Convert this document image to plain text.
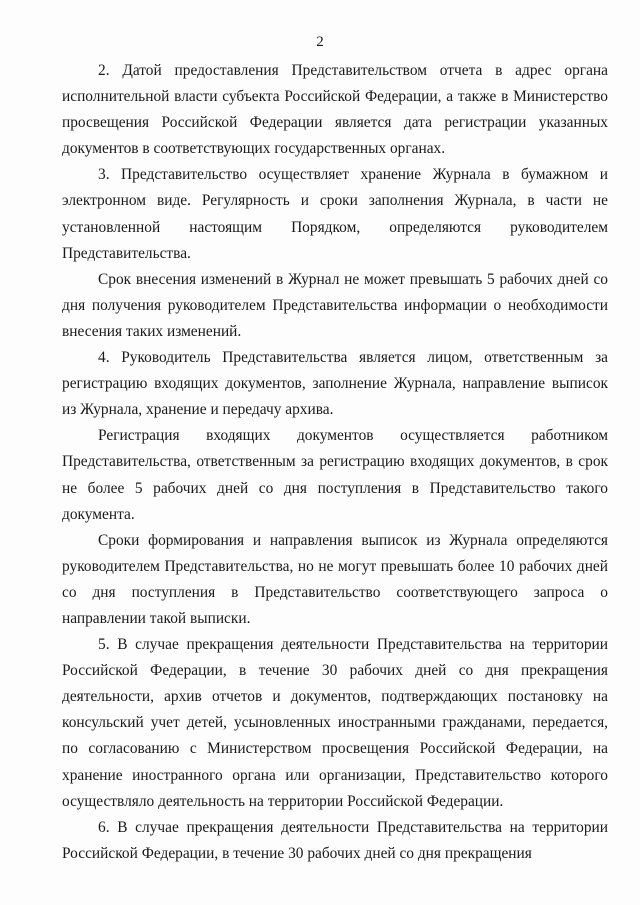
2

2. Датой предоставления Представительством отчета в адрес органа исполнительной власти субъекта Российской Федерации, а также в Министерство просвещения Российской Федерации является дата регистрации указанных документов в соответствующих государственных органах.

3. Представительство осуществляет хранение Журнала в бумажном и электронном виде. Регулярность и сроки заполнения Журнала, в части не установленной настоящим Порядком, определяются руководителем Представительства.

Срок внесения изменений в Журнал не может превышать 5 рабочих дней со дня получения руководителем Представительства информации о необходимости внесения таких изменений.

4. Руководитель Представительства является лицом, ответственным за регистрацию входящих документов, заполнение Журнала, направление выписок из Журнала, хранение и передачу архива.

Регистрация входящих документов осуществляется работником Представительства, ответственным за регистрацию входящих документов, в срок не более 5 рабочих дней со дня поступления в Представительство такого документа.

Сроки формирования и направления выписок из Журнала определяются руководителем Представительства, но не могут превышать более 10 рабочих дней со дня поступления в Представительство соответствующего запроса о направлении такой выписки.

5. В случае прекращения деятельности Представительства на территории Российской Федерации, в течение 30 рабочих дней со дня прекращения деятельности, архив отчетов и документов, подтверждающих постановку на консульский учет детей, усыновленных иностранными гражданами, передается, по согласованию с Министерством просвещения Российской Федерации, на хранение иностранного органа или организации, Представительство которого осуществляло деятельность на территории Российской Федерации.

6. В случае прекращения деятельности Представительства на территории Российской Федерации, в течение 30 рабочих дней со дня прекращения
